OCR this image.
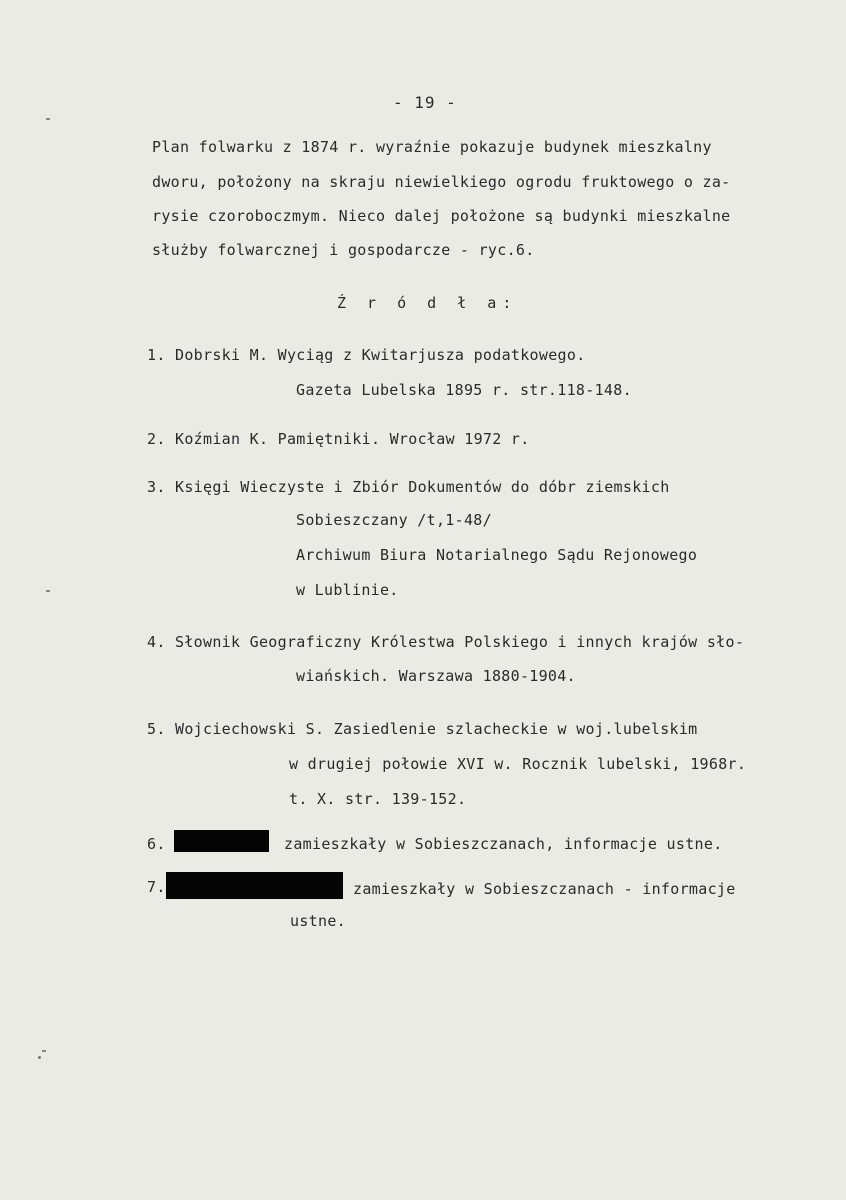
- 19 -
Plan folwarku z 1874 r. wyraźnie pokazuje budynek mieszkalny
dworu, położony na skraju niewielkiego ogrodu fruktowego o za-
rysie czoroboczmym. Nieco dalej położone są budynki mieszkalne
służby folwarcznej i gospodarcze - ryc.6.
Ź r ó d ł a:
1. Dobrski M. Wyciąg z Kwitarjusza podatkowego.
Gazeta Lubelska 1895 r. str.118-148.
2. Koźmian K. Pamiętniki. Wrocław 1972 r.
3. Księgi Wieczyste i Zbiór Dokumentów do dóbr ziemskich
Sobieszczany /t,1-48/
Archiwum Biura Notarialnego Sądu Rejonowego
w Lublinie.
4. Słownik Geograficzny Królestwa Polskiego i innych krajów sło-
wiańskich. Warszawa 1880-1904.
5. Wojciechowski S. Zasiedlenie szlacheckie w woj.lubelskim
w drugiej połowie XVI w. Rocznik lubelski, 1968r.
t. X. str. 139-152.
6.	zamieszkały w Sobieszczanach, informacje ustne.
7.	zamieszkały w Sobieszczanach - informacje
ustne.
